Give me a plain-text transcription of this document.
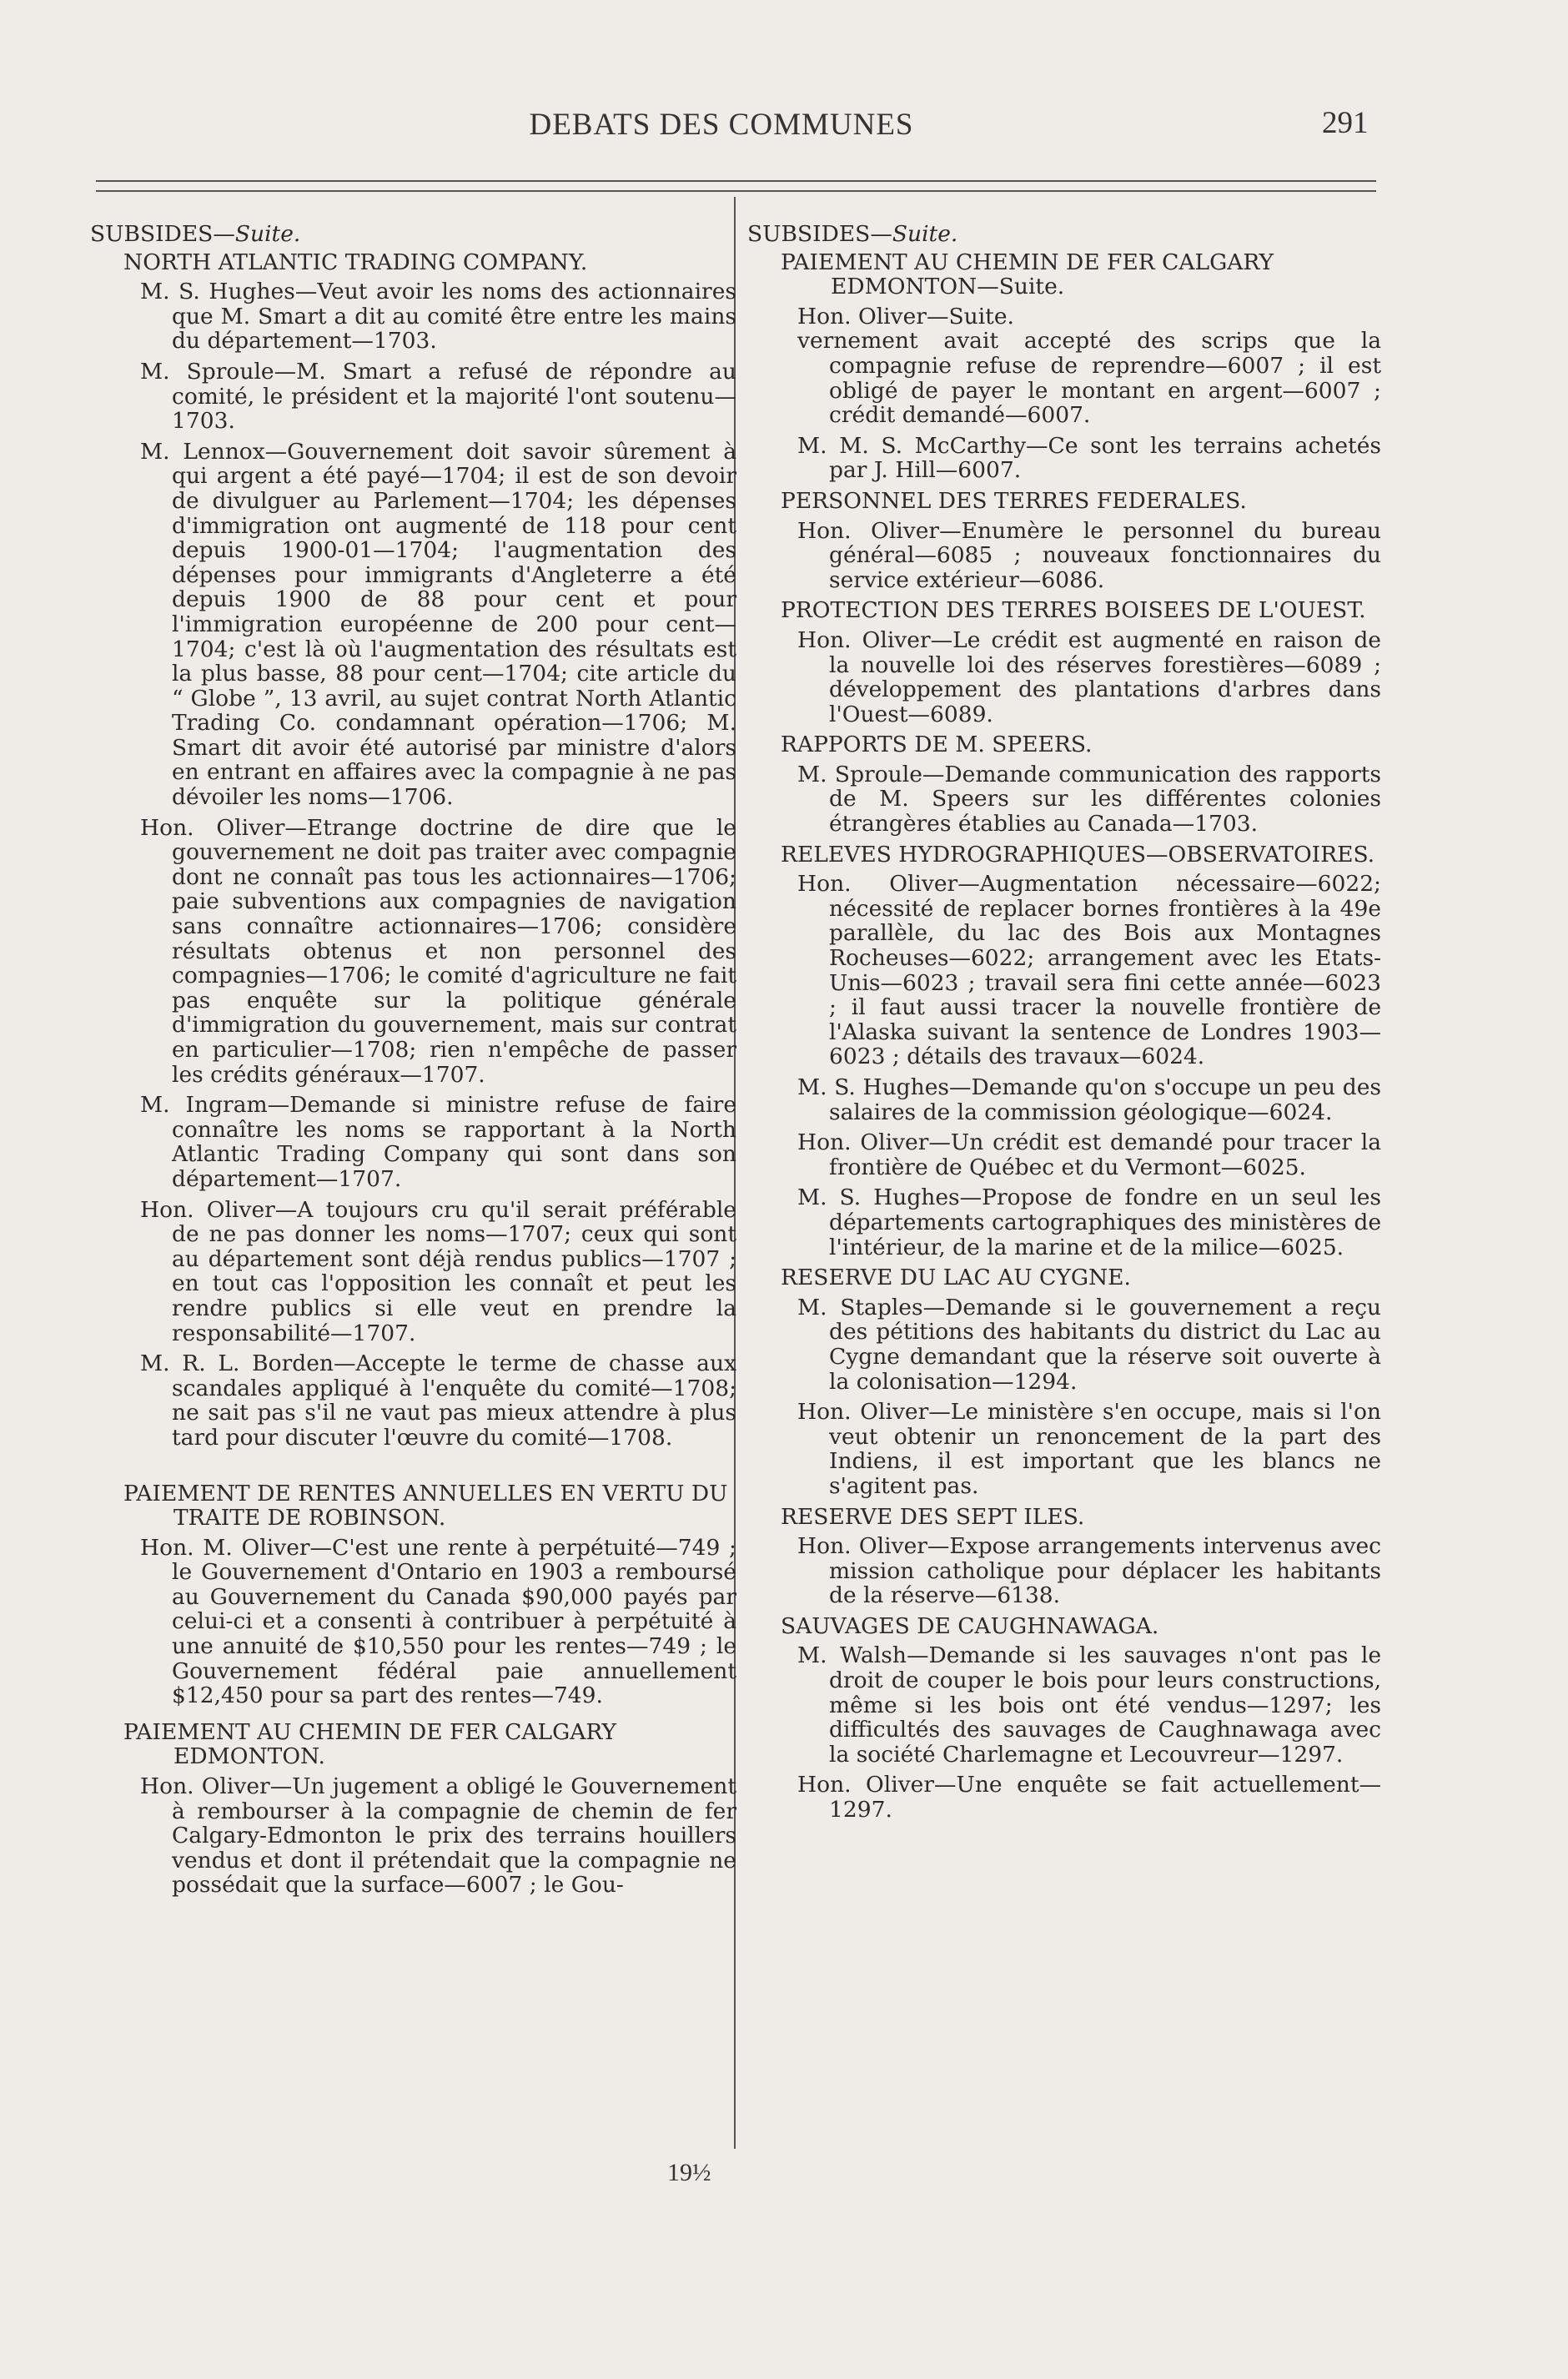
DEBATS DES COMMUNES	291
SUBSIDES—Suite.
NORTH ATLANTIC TRADING COMPANY.
M. S. Hughes—Veut avoir les noms des actionnaires que M. Smart a dit au comité être entre les mains du département—1703.
M. Sproule—M. Smart a refusé de répondre au comité, le président et la majorité l'ont soutenu—1703.
M. Lennox—Gouvernement doit savoir sûrement à qui argent a été payé—1704; il est de son devoir de divulguer au Parlement—1704; les dépenses d'immigration ont augmenté de 118 pour cent depuis 1900-01—1704; l'augmentation des dépenses pour immigrants d'Angleterre a été depuis 1900 de 88 pour cent et pour l'immigration européenne de 200 pour cent—1704; c'est là où l'augmentation des résultats est la plus basse, 88 pour cent—1704; cite article du “ Globe ”, 13 avril, au sujet contrat North Atlantic Trading Co. condamnant opération—1706; M. Smart dit avoir été autorisé par ministre d'alors en entrant en affaires avec la compagnie à ne pas dévoiler les noms—1706.
Hon. Oliver—Etrange doctrine de dire que le gouvernement ne doit pas traiter avec compagnie dont ne connaît pas tous les actionnaires—1706; paie subventions aux compagnies de navigation sans connaître actionnaires—1706; considère résultats obtenus et non personnel des compagnies—1706; le comité d'agriculture ne fait pas enquête sur la politique générale d'immigration du gouvernement, mais sur contrat en particulier—1708; rien n'empêche de passer les crédits généraux—1707.
M. Ingram—Demande si ministre refuse de faire connaître les noms se rapportant à la North Atlantic Trading Company qui sont dans son département—1707.
Hon. Oliver—A toujours cru qu'il serait préférable de ne pas donner les noms—1707; ceux qui sont au département sont déjà rendus publics—1707 ; en tout cas l'opposition les connaît et peut les rendre publics si elle veut en prendre la responsabilité—1707.
M. R. L. Borden—Accepte le terme de chasse aux scandales appliqué à l'enquête du comité—1708; ne sait pas s'il ne vaut pas mieux attendre à plus tard pour discuter l'œuvre du comité—1708.
PAIEMENT DE RENTES ANNUELLES EN VERTU DU TRAITE DE ROBINSON.
Hon. M. Oliver—C'est une rente à perpétuité—749 ; le Gouvernement d'Ontario en 1903 a remboursé au Gouvernement du Canada $90,000 payés par celui-ci et a consenti à contribuer à perpétuité à une annuité de $10,550 pour les rentes—749 ; le Gouvernement fédéral paie annuellement $12,450 pour sa part des rentes—749.
PAIEMENT AU CHEMIN DE FER CALGARY EDMONTON.
Hon. Oliver—Un jugement a obligé le Gouvernement à rembourser à la compagnie de chemin de fer Calgary-Edmonton le prix des terrains houillers vendus et dont il prétendait que la compagnie ne possédait que la surface—6007 ; le Gou-
SUBSIDES—Suite.
PAIEMENT AU CHEMIN DE FER CALGARY EDMONTON—Suite.
Hon. Oliver—Suite.
vernement avait accepté des scrips que la compagnie refuse de reprendre—6007 ; il est obligé de payer le montant en argent—6007 ; crédit demandé—6007.
M. M. S. McCarthy—Ce sont les terrains achetés par J. Hill—6007.
PERSONNEL DES TERRES FEDERALES.
Hon. Oliver—Enumère le personnel du bureau général—6085 ; nouveaux fonctionnaires du service extérieur—6086.
PROTECTION DES TERRES BOISEES DE L'OUEST.
Hon. Oliver—Le crédit est augmenté en raison de la nouvelle loi des réserves forestières—6089 ; développement des plantations d'arbres dans l'Ouest—6089.
RAPPORTS DE M. SPEERS.
M. Sproule—Demande communication des rapports de M. Speers sur les différentes colonies étrangères établies au Canada—1703.
RELEVES HYDROGRAPHIQUES—OBSERVATOIRES.
Hon. Oliver—Augmentation nécessaire—6022; nécessité de replacer bornes frontières à la 49e parallèle, du lac des Bois aux Montagnes Rocheuses—6022; arrangement avec les Etats-Unis—6023 ; travail sera fini cette année—6023 ; il faut aussi tracer la nouvelle frontière de l'Alaska suivant la sentence de Londres 1903—6023 ; détails des travaux—6024.
M. S. Hughes—Demande qu'on s'occupe un peu des salaires de la commission géologique—6024.
Hon. Oliver—Un crédit est demandé pour tracer la frontière de Québec et du Vermont—6025.
M. S. Hughes—Propose de fondre en un seul les départements cartographiques des ministères de l'intérieur, de la marine et de la milice—6025.
RESERVE DU LAC AU CYGNE.
M. Staples—Demande si le gouvernement a reçu des pétitions des habitants du district du Lac au Cygne demandant que la réserve soit ouverte à la colonisation—1294.
Hon. Oliver—Le ministère s'en occupe, mais si l'on veut obtenir un renoncement de la part des Indiens, il est important que les blancs ne s'agitent pas.
RESERVE DES SEPT ILES.
Hon. Oliver—Expose arrangements intervenus avec mission catholique pour déplacer les habitants de la réserve—6138.
SAUVAGES DE CAUGHNAWAGA.
M. Walsh—Demande si les sauvages n'ont pas le droit de couper le bois pour leurs constructions, même si les bois ont été vendus—1297; les difficultés des sauvages de Caughnawaga avec la société Charlemagne et Lecouvreur—1297.
Hon. Oliver—Une enquête se fait actuellement—1297.
19½
